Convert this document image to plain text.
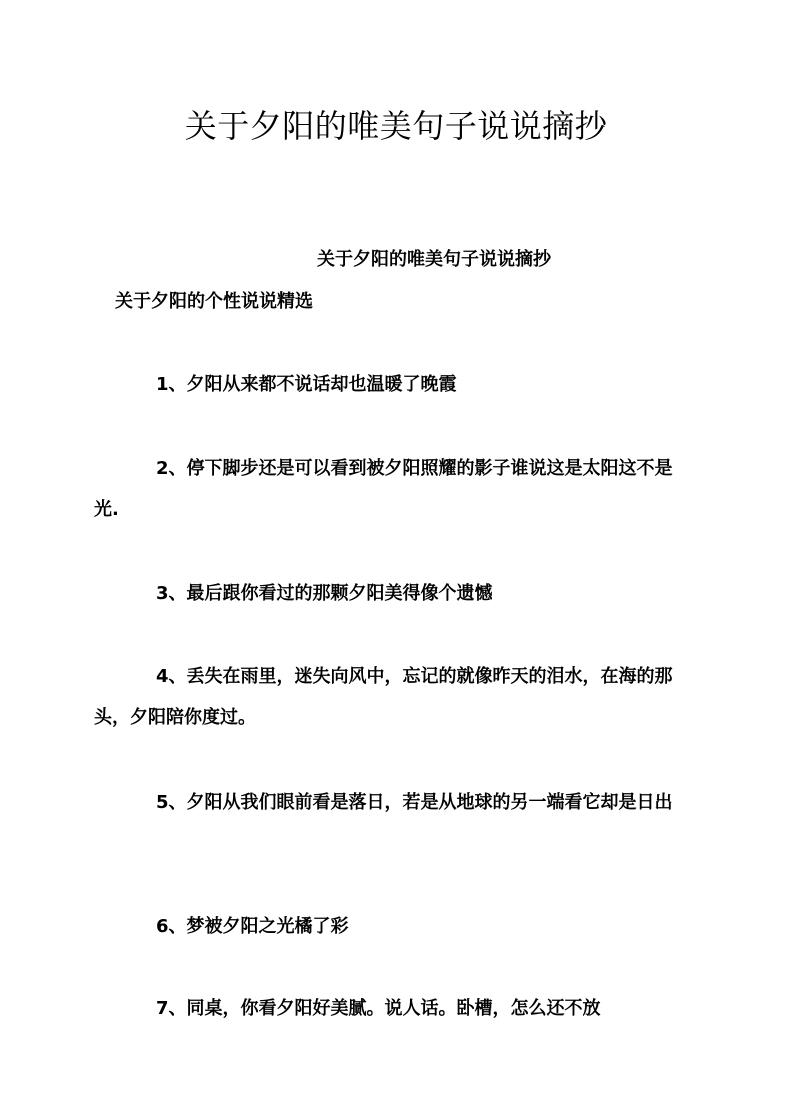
关于夕阳的唯美句子说说摘抄

关于夕阳的唯美句子说说摘抄

关于夕阳的个性说说精选

1、夕阳从来都不说话却也温暖了晚霞

2、停下脚步还是可以看到被夕阳照耀的影子谁说这是太阳这不是光.

3、最后跟你看过的那颗夕阳美得像个遗憾

4、丢失在雨里，迷失向风中，忘记的就像昨天的泪水，在海的那头，夕阳陪你度过。

5、夕阳从我们眼前看是落日，若是从地球的另一端看它却是日出

6、梦被夕阳之光橘了彩

7、同桌，你看夕阳好美腻。说人话。卧槽，怎么还不放
